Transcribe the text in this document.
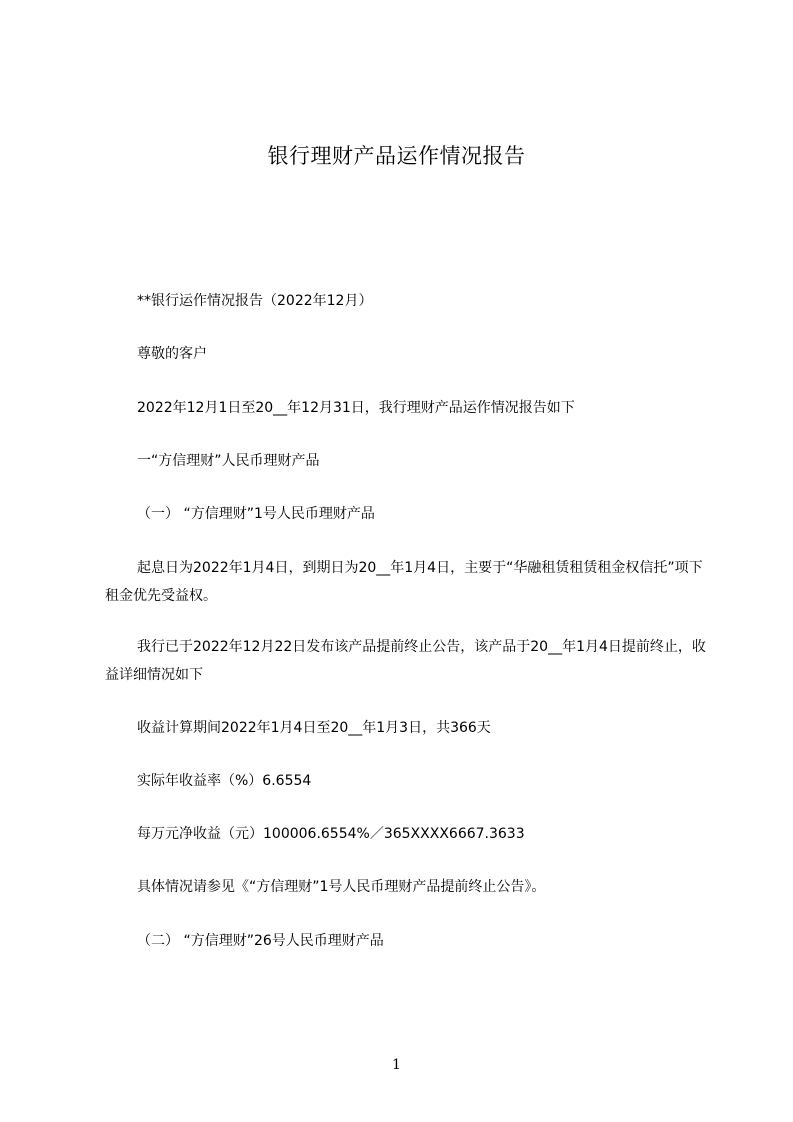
银行理财产品运作情况报告
**银行运作情况报告（2022年12月）
尊敬的客户
2022年12月1日至20__年12月31日，我行理财产品运作情况报告如下
一“方信理财”人民币理财产品
（一） “方信理财”1号人民币理财产品
起息日为2022年1月4日，到期日为20__年1月4日，主要于“华融租赁租赁租金权信托”项下租金优先受益权。
我行已于2022年12月22日发布该产品提前终止公告，该产品于20__年1月4日提前终止，收益详细情况如下
收益计算期间2022年1月4日至20__年1月3日，共366天
实际年收益率（%）6.6554
每万元净收益（元）100006.6554%／365XXXX6667.3633
具体情况请参见《“方信理财”1号人民币理财产品提前终止公告》。
（二） “方信理财”26号人民币理财产品
1
